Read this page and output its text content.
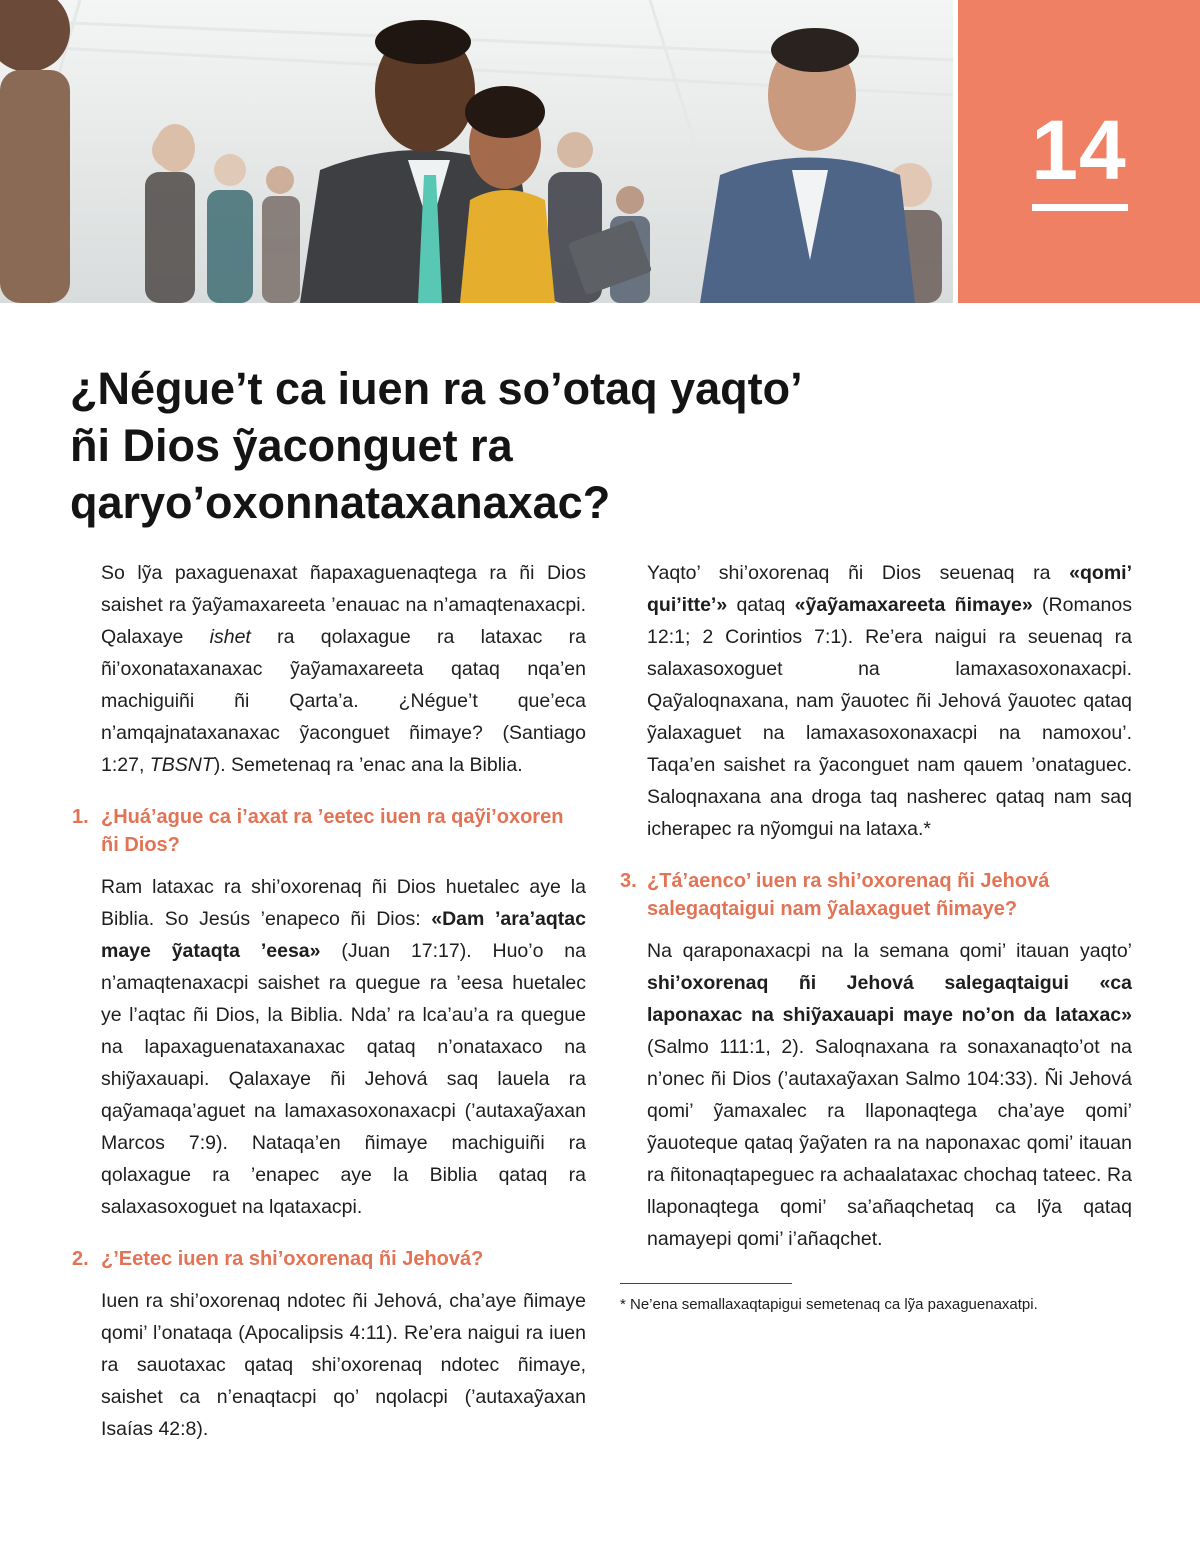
14
¿Négue’t ca iuen ra so’otaq yaqto’ ñi Dios ỹaconguet ra qaryo’oxonnataxanaxac?

So lỹa paxaguenaxat ñapaxaguenaqtega ra ñi Dios saishet ra ỹaỹamaxareeta ’enauac na n’amaqtenaxacpi. Qalaxaye ishet ra qolaxague ra lataxac ra ñi’oxonataxanaxac ỹaỹamaxareeta qataq nqa’en machiguiñi ñi Qarta’a. ¿Négue’t que’eca n’amqajnataxanaxac ỹaconguet ñimaye? (Santiago 1:27, TBSNT). Semetenaq ra ’enac ana la Biblia.

1. ¿Huá’ague ca i’axat ra ’eetec iuen ra qaỹi’oxoren ñi Dios?

Ram lataxac ra shi’oxorenaq ñi Dios huetalec aye la Biblia. So Jesús ’enapeco ñi Dios: «Dam ’ara’aqtac maye ỹataqta ’eesa» (Juan 17:17). Huo’o na n’amaqtenaxacpi saishet ra quegue ra ’eesa huetalec ye l’aqtac ñi Dios, la Biblia. Nda’ ra lca’au’a ra quegue na lapaxaguenataxanaxac qataq n’onataxaco na shiỹaxauapi. Qalaxaye ñi Jehová saq lauela ra qaỹamaqa’aguet na lamaxasoxonaxacpi (’autaxaỹaxan Marcos 7:9). Nataqa’en ñimaye machiguiñi ra qolaxague ra ’enapec aye la Biblia qataq ra salaxasoxoguet na lqataxacpi.

2. ¿’Eetec iuen ra shi’oxorenaq ñi Jehová?

Iuen ra shi’oxorenaq ndotec ñi Jehová, cha’aye ñimaye qomi’ l’onataqa (Apocalipsis 4:11). Re’era naigui ra iuen ra sauotaxac qataq shi’oxorenaq ndotec ñimaye, saishet ca n’enaqtacpi qo’ nqolacpi (’autaxaỹaxan Isaías 42:8).

Yaqto’ shi’oxorenaq ñi Dios seuenaq ra «qomi’ qui’itte’» qataq «ỹaỹamaxareeta ñimaye» (Romanos 12:1; 2 Corintios 7:1). Re’era naigui ra seuenaq ra salaxasoxoguet na lamaxasoxonaxacpi. Qaỹaloqnaxana, nam ỹauotec ñi Jehová ỹauotec qataq ỹalaxaguet na lamaxasoxonaxacpi na namoxou’. Taqa’en saishet ra ỹaconguet nam qauem ’onataguec. Saloqnaxana ana droga taq nasherec qataq nam saq icherapec ra nỹomgui na lataxa.*

3. ¿Tá’aenco’ iuen ra shi’oxorenaq ñi Jehová salegaqtaigui nam ỹalaxaguet ñimaye?

Na qaraponaxacpi na la semana qomi’ itauan yaqto’ shi’oxorenaq ñi Jehová salegaqtaigui «ca laponaxac na shiỹaxauapi maye no’on da lataxac» (Salmo 111:1, 2). Saloqnaxana ra sonaxanaqto’ot na n’onec ñi Dios (’autaxaỹaxan Salmo 104:33). Ñi Jehová qomi’ ỹamaxalec ra llaponaqtega cha’aye qomi’ ỹauoteque qataq ỹaỹaten ra na naponaxac qomi’ itauan ra ñitonaqtapeguec ra achaalataxac chochaq tateec. Ra llaponaqtega qomi’ sa’añaqchetaq ca lỹa qataq namayepi qomi’ i’añaqchet.

* Ne’ena semallaxaqtapigui semetenaq ca lỹa paxaguenaxatpi.
